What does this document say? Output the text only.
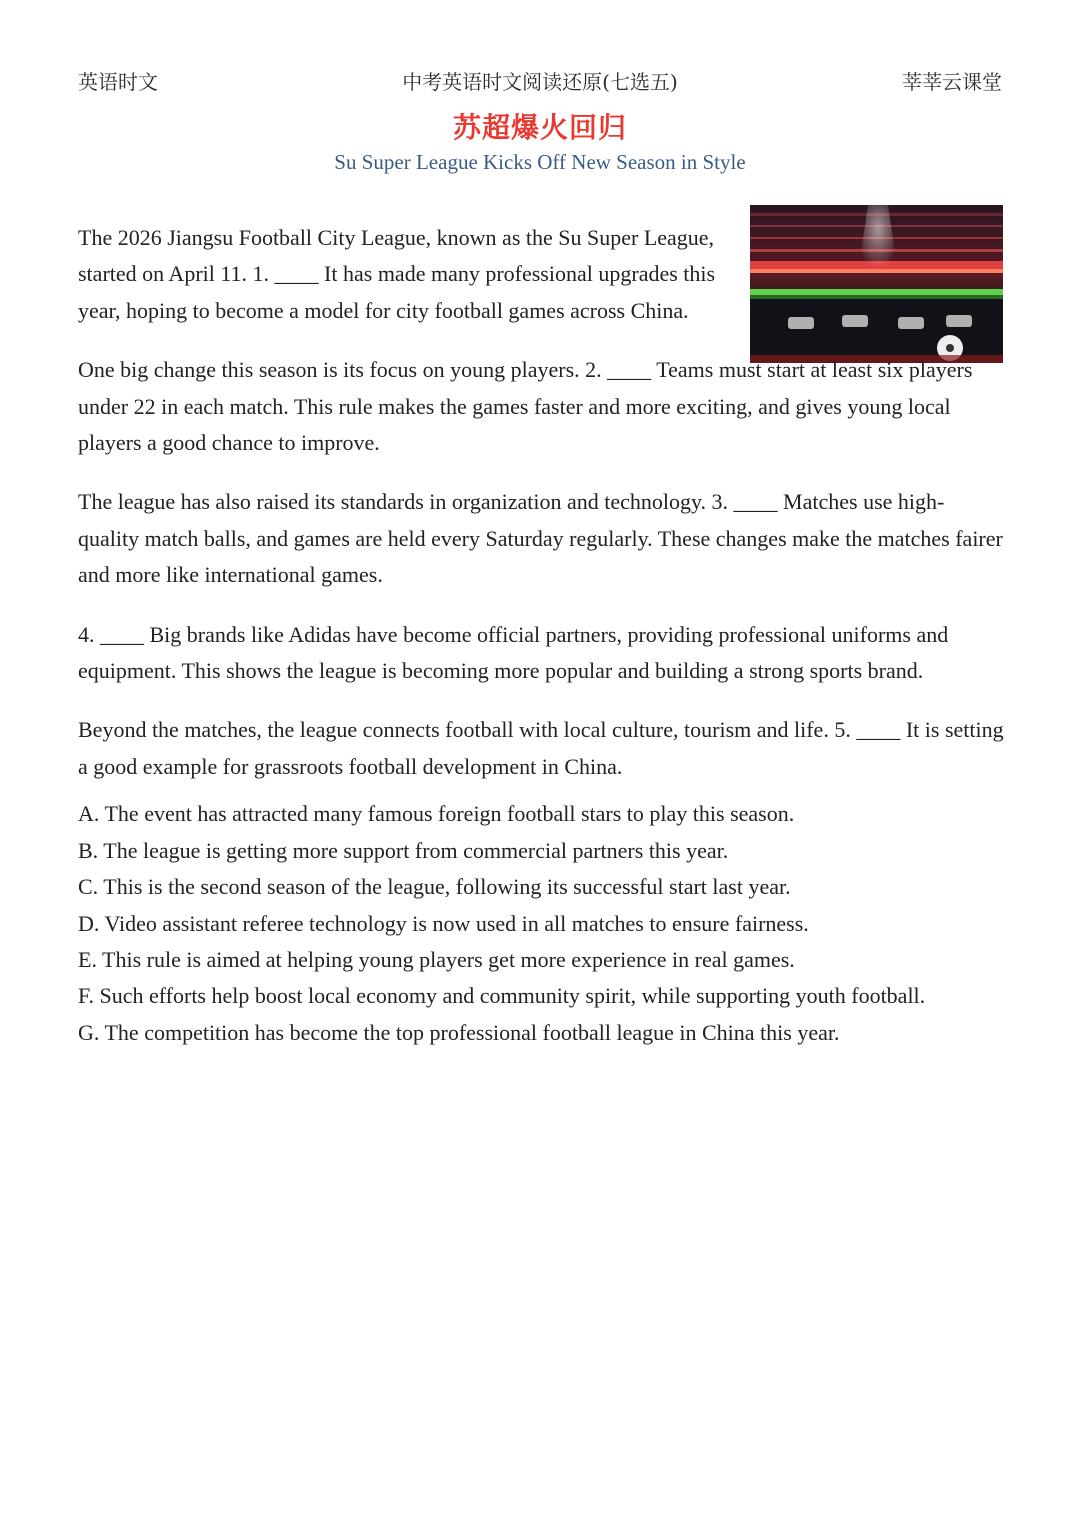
英语时文	中考英语时文阅读还原(七选五)	莘莘云课堂
苏超爆火回归
Su Super League Kicks Off New Season in Style

The 2026 Jiangsu Football City League, known as the Su Super League, started on April 11. 1. ____ It has made many professional upgrades this year, hoping to become a model for city football games across China.

One big change this season is its focus on young players. 2. ____ Teams must start at least six players under 22 in each match. This rule makes the games faster and more exciting, and gives young local players a good chance to improve.

The league has also raised its standards in organization and technology. 3. ____ Matches use high-quality match balls, and games are held every Saturday regularly. These changes make the matches fairer and more like international games.

4. ____ Big brands like Adidas have become official partners, providing professional uniforms and equipment. This shows the league is becoming more popular and building a strong sports brand.

Beyond the matches, the league connects football with local culture, tourism and life. 5. ____ It is setting a good example for grassroots football development in China.

A. The event has attracted many famous foreign football stars to play this season.

B. The league is getting more support from commercial partners this year.

C. This is the second season of the league, following its successful start last year.

D. Video assistant referee technology is now used in all matches to ensure fairness.

E. This rule is aimed at helping young players get more experience in real games.

F. Such efforts help boost local economy and community spirit, while supporting youth football.

G. The competition has become the top professional football league in China this year.
